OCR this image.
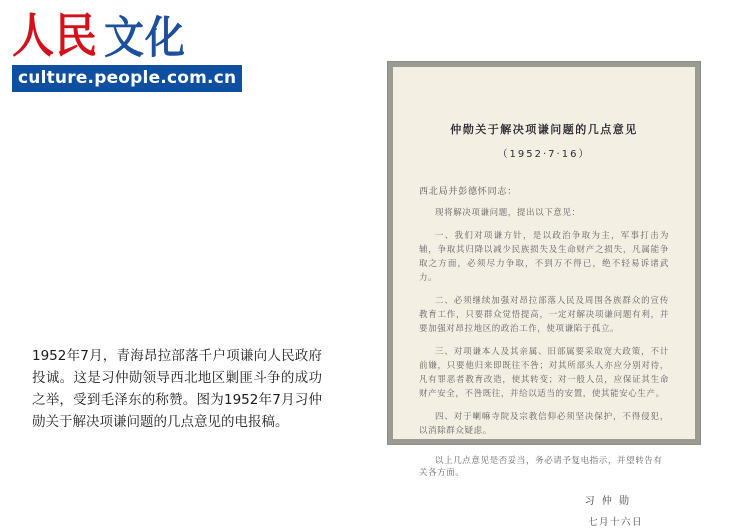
人民 文化
culture.people.com.cn
1952年7月，青海昂拉部落千户项谦向人民政府投诚。这是习仲勋领导西北地区剿匪斗争的成功之举，受到毛泽东的称赞。图为1952年7月习仲勋关于解决项谦问题的几点意见的电报稿。
仲勋关于解决项谦问题的几点意见
（1952·7·16）
西北局并彭德怀同志：
现将解决项谦问题，提出以下意见：
一、我们对项谦方针，是以政治争取为主，军事打击为辅，争取其归降以减少民族损失及生命财产之损失，凡属能争取之方面，必须尽力争取，不到万不得已，绝不轻易诉诸武力。
二、必须继续加强对昂拉部落人民及周围各族群众的宣传教育工作，只要群众觉悟提高，一定对解决项谦问题有利，并要加强对昂拉地区的政治工作，使项谦陷于孤立。
三、对项谦本人及其亲属、旧部属要采取宽大政策，不计前嫌，只要他归来即既往不咎；对其所部头人亦应分别对待，凡有罪恶者教育改造，使其转变；对一般人员，应保证其生命财产安全，不咎既往，并给以适当的安置，使其能安心生产。
四、对于喇嘛寺院及宗教信仰必须坚决保护，不得侵犯，以消除群众疑虑。
以上几点意见是否妥当，务必请予复电指示，并望转告有关各方面。
习 仲 勋
七月十六日
